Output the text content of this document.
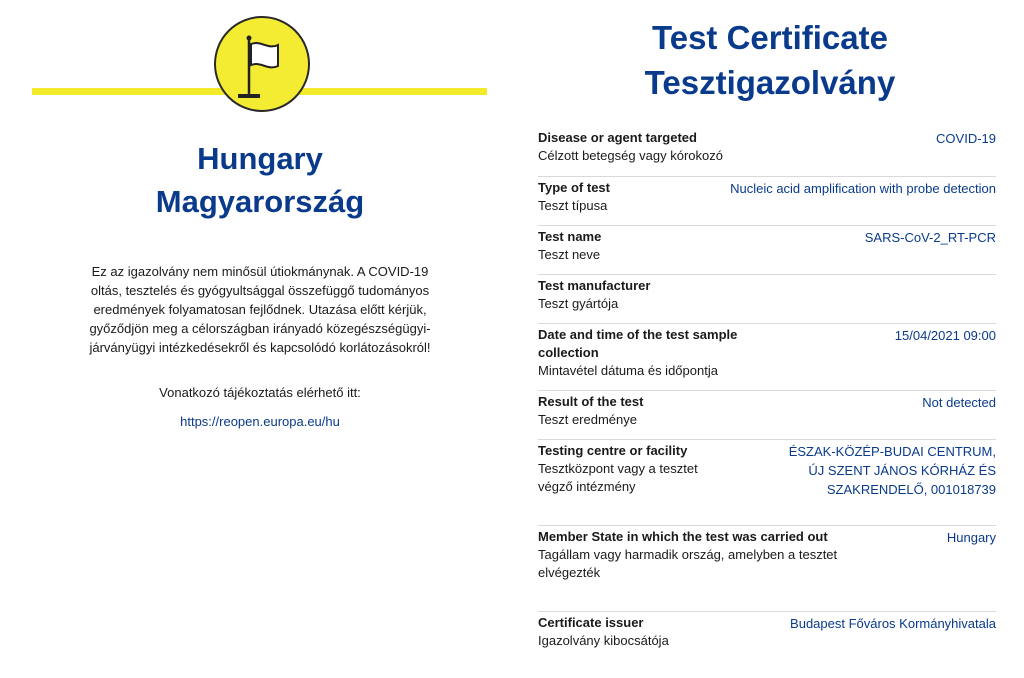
Hungary
Magyarország
Ez az igazolvány nem minősül útiokmánynak. A COVID-19
oltás, tesztelés és gyógyultsággal összefüggő tudományos
eredmények folyamatosan fejlődnek. Utazása előtt kérjük,
győződjön meg a célországban irányadó közegészségügyi-
járványügyi intézkedésekről és kapcsolódó korlátozásokról!
Vonatkozó tájékoztatás elérhető itt:
https://reopen.europa.eu/hu
Test Certificate
Tesztigazolvány
Disease or agent targeted
Célzott betegség vagy kórokozó
COVID-19
Type of test
Teszt típusa
Nucleic acid amplification with probe detection
Test name
Teszt neve
SARS-CoV-2_RT-PCR
Test manufacturer
Teszt gyártója
Date and time of the test sample collection
Mintavétel dátuma és időpontja
15/04/2021 09:00
Result of the test
Teszt eredménye
Not detected
Testing centre or facility
Tesztközpont vagy a tesztet végző intézmény
ÉSZAK-KÖZÉP-BUDAI CENTRUM,
ÚJ SZENT JÁNOS KÓRHÁZ ÉS
SZAKRENDELŐ, 001018739
Member State in which the test was carried out
Tagállam vagy harmadik ország, amelyben a tesztet elvégezték
Hungary
Certificate issuer
Igazolvány kibocsátója
Budapest Főváros Kormányhivatala
